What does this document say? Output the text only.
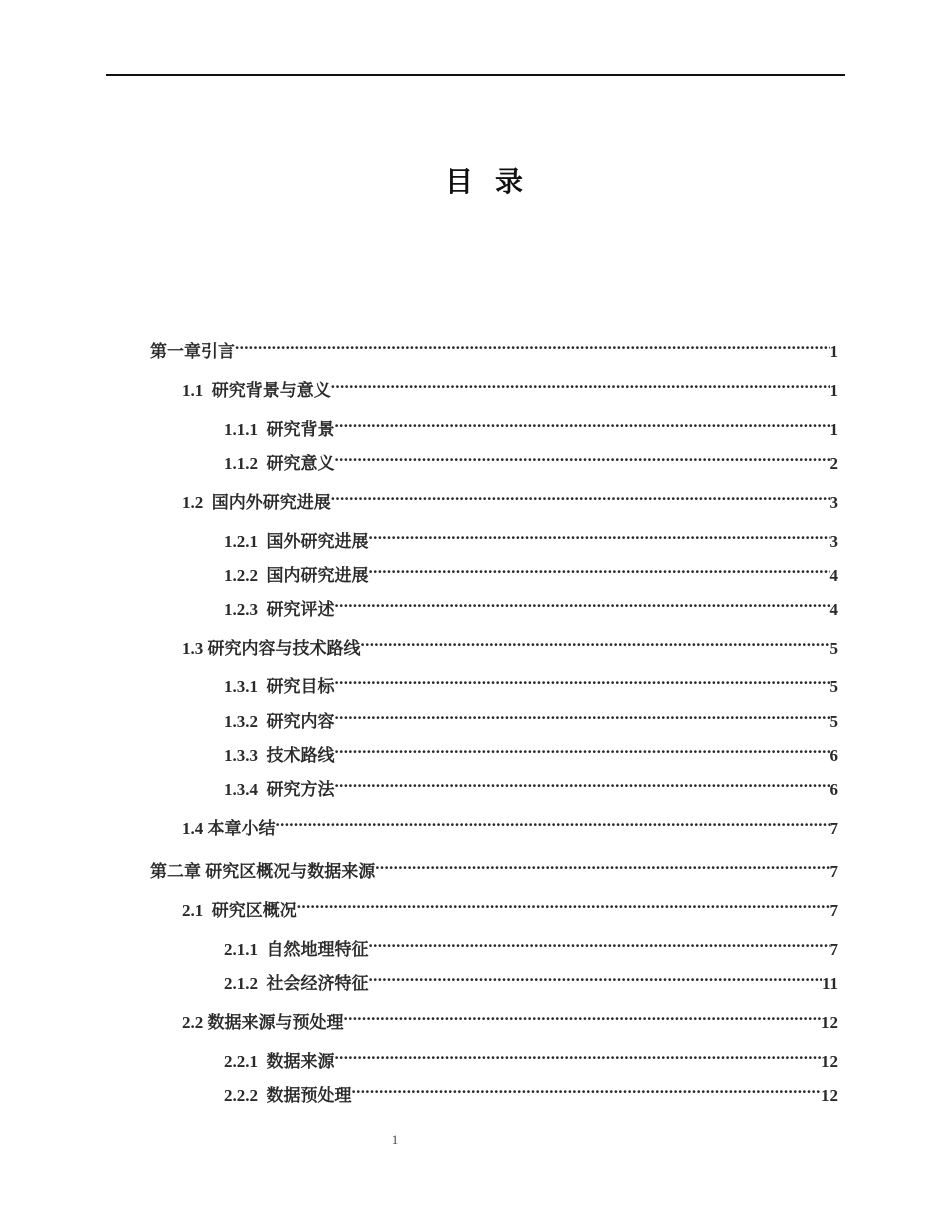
目录
第一章引言 .....	1
1.1 研究背景与意义 .....	1
1.1.1 研究背景 .....	1
1.1.2 研究意义 .....	2
1.2 国内外研究进展 .....	3
1.2.1 国外研究进展 .....	3
1.2.2 国内研究进展 .....	4
1.2.3 研究评述 .....	4
1.3 研究内容与技术路线 .....	5
1.3.1 研究目标 .....	5
1.3.2 研究内容 .....	5
1.3.3 技术路线 .....	6
1.3.4 研究方法 .....	6
1.4 本章小结 .....	7
第二章 研究区概况与数据来源 .....	7
2.1 研究区概况 .....	7
2.1.1 自然地理特征 .....	7
2.1.2 社会经济特征 .....	11
2.2 数据来源与预处理 .....	12
2.2.1 数据来源 .....	12
2.2.2 数据预处理 .....	12
1
